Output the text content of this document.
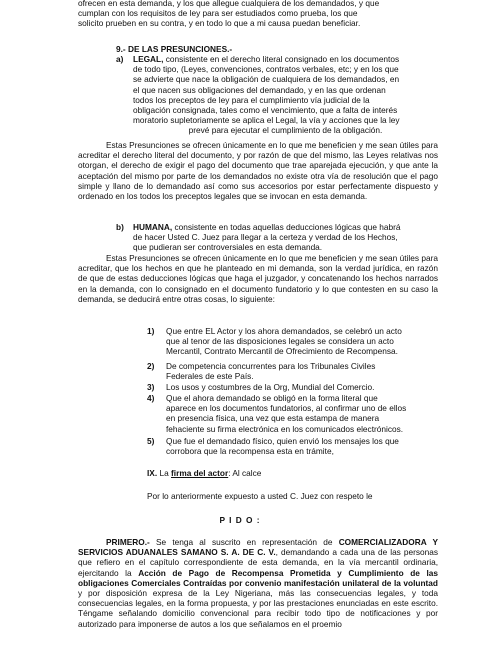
ofrecen en esta demanda, y los que allegue cualquiera de los demandados, y que

cumplan con los requisitos de ley para ser estudiados como prueba, los que

solicito prueben en su contra, y en todo lo que a mi causa puedan beneficiar.

9.- DE LAS PRESUNCIONES.-
a) LEGAL, consistente en el derecho literal consignado en los documentos

de todo tipo, (Leyes, convenciones, contratos verbales, etc; y en los que

se advierte que nace la obligación de cualquiera de los demandados, en

el que nacen sus obligaciones del demandado, y en las que ordenan

todos los preceptos de ley para el cumplimiento vía judicial de la

obligación consignada, tales como el vencimiento, que a falta de interés

moratorio supletoriamente se aplica el Legal, la vía y acciones que la ley

prevé para ejecutar el cumplimiento de la obligación.

Estas Presunciones se ofrecen únicamente en lo que me beneficien y me sean útiles para acreditar el derecho literal del documento, y por razón de que del mismo, las Leyes relativas nos otorgan, el derecho de exigir el pago del documento que trae aparejada ejecución, y que ante la aceptación del mismo por parte de los demandados no existe otra vía de resolución que el pago simple y llano de lo demandado así como sus accesorios por estar perfectamente dispuesto y ordenado en los todos los preceptos legales que se invocan en esta demanda.

b) HUMANA, consistente en todas aquellas deducciones lógicas que habrá

de hacer Usted C. Juez para llegar a la certeza y verdad de los Hechos,

que pudieran ser controversiales en esta demanda.

Estas Presunciones se ofrecen únicamente en lo que me beneficien y me sean útiles para acreditar, que los hechos en que he planteado en mi demanda, son la verdad jurídica, en razón de que de estas deducciones lógicas que haga el juzgador, y concatenando los hechos narrados en la demanda, con lo consignado en el documento fundatorio y lo que contesten en su caso la demanda, se deducirá entre otras cosas, lo siguiente:

1) Que entre EL Actor y los ahora demandados, se celebró un acto

que al tenor de las disposiciones legales se considera un acto

Mercantil, Contrato Mercantil de Ofrecimiento de Recompensa.

2) De competencia concurrentes para los Tribunales Civiles

Federales de este País.

3) Los usos y costumbres de la Org, Mundial del Comercio.

4) Que el ahora demandado se obligó en la forma literal que

aparece en los documentos fundatorios, al confirmar uno de ellos

en presencia física, una vez que esta estampa de manera

fehaciente su firma electrónica en los comunicados electrónicos.

5) Que fue el demandado físico, quien envió los mensajes los que

corrobora que la recompensa esta en trámite,

IX. La firma del actor: Al calce
Por lo anteriormente expuesto a usted C. Juez con respeto le
P I D O :

PRIMERO.- Se tenga al suscrito en representación de COMERCIALIZADORA Y SERVICIOS ADUANALES SAMANO S. A. DE C. V., demandando a cada una de las personas que refiero en el capítulo correspondiente de esta demanda, en la vía mercantil ordinaria, ejercitando la Acción de Pago de Recompensa Prometida y Cumplimiento de las obligaciones Comerciales Contraídas por convenio manifestación unilateral de la voluntad y por disposición expresa de la Ley Nigeriana, más las consecuencias legales, y toda consecuencias legales, en la forma propuesta, y por las prestaciones enunciadas en este escrito. Téngame señalando domicilio convencional para recibir todo tipo de notificaciones y por autorizado para imponerse de autos a los que señalamos en el proemio
